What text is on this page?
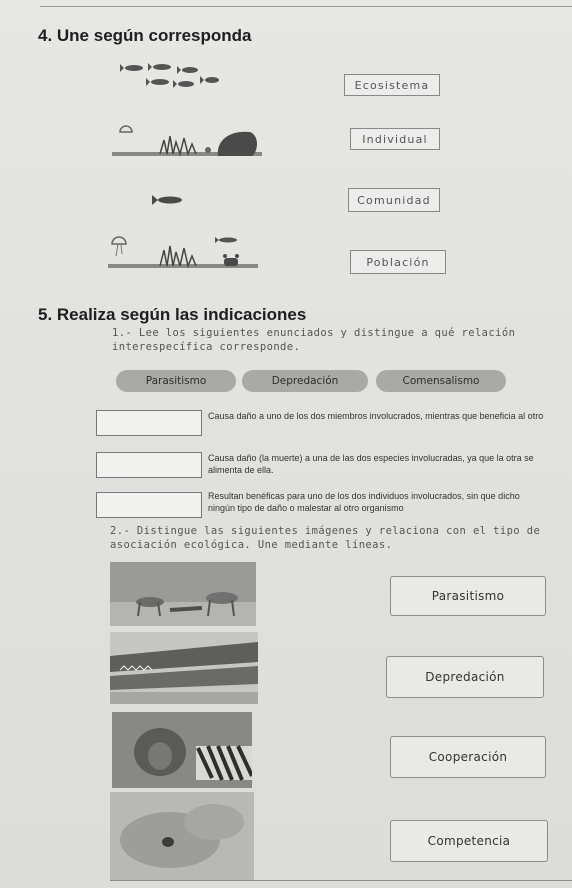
4. Une según corresponda
Ecosistema
Individual
Comunidad
Población
5. Realiza según las indicaciones
1.- Lee los siguientes enunciados y distingue a qué relación interespecífica corresponde.
Parasitismo	Depredación	Comensalismo
Causa daño a uno de los dos miembros involucrados, mientras que beneficia al otro
Causa daño (la muerte) a una de las dos especies involucradas, ya que la otra se alimenta de ella.
Resultan benéficas para uno de los dos individuos involucrados, sin que dicho ningún tipo de daño o malestar al otro organismo
2.- Distingue las siguientes imágenes y relaciona con el tipo de asociación ecológica. Une mediante líneas.
Parasitismo
Depredación
Cooperación
Competencia
